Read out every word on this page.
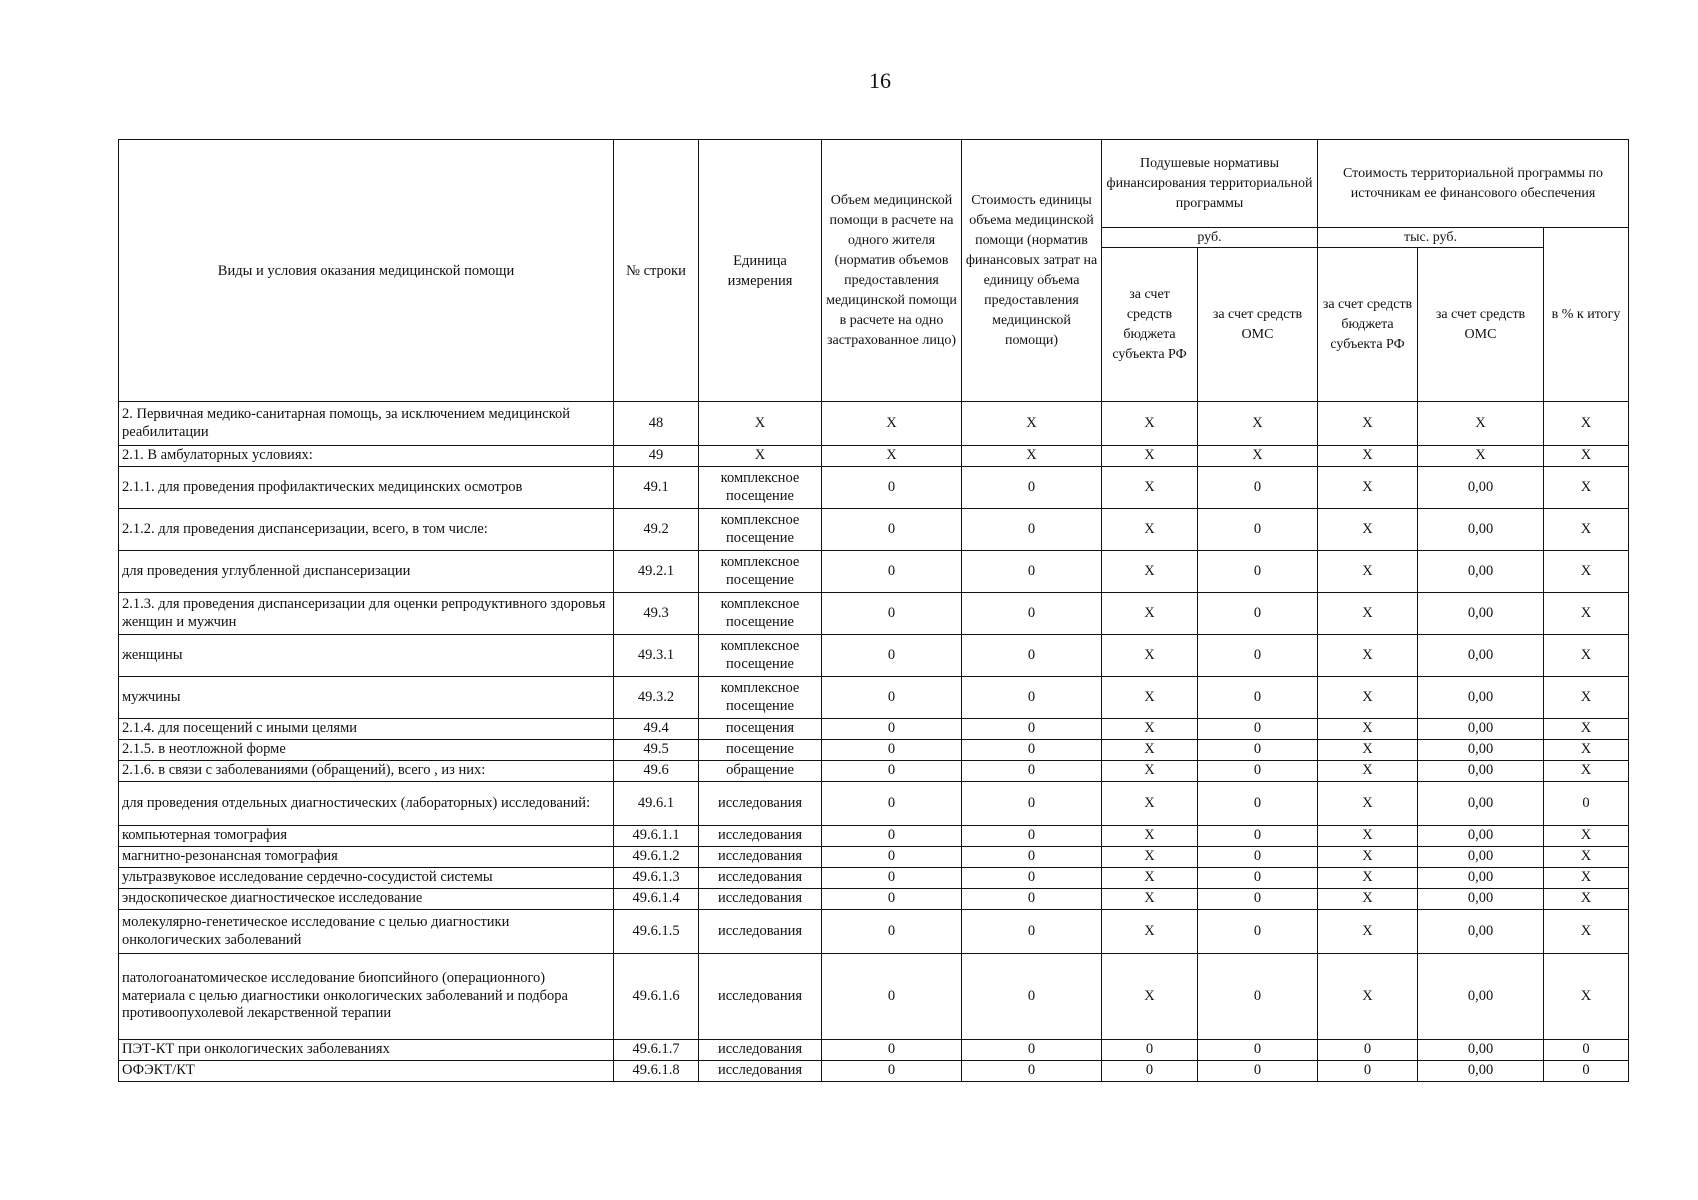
16
Виды и условия оказания медицинской помощи	№ строки	Единица измерения	Объем медицинской помощи в расчете на одного жителя (норматив объемов предоставления медицинской помощи в расчете на одно застрахованное лицо)	Стоимость единицы объема медицинской помощи (норматив финансовых затрат на единицу объема предоставления медицинской помощи)	Подушевые нормативы финансирования территориальной программы		Стоимость территориальной программы по источникам ее финансового обеспечения		
					руб.		тыс. руб.		в % к итогу
					за счет средств бюджета субъекта РФ	за счет средств ОМС	за счет средств бюджета субъекта РФ	за счет средств ОМС	
2. Первичная медико-санитарная помощь, за исключением медицинской реабилитации	48	X	X	X	X	X	X	X	X
2.1. В амбулаторных условиях:	49	X	X	X	X	X	X	X	X
2.1.1. для проведения профилактических медицинских осмотров	49.1	комплексное посещение	0	0	X	0	X	0,00	X
2.1.2. для проведения диспансеризации, всего, в том числе:	49.2	комплексное посещение	0	0	X	0	X	0,00	X
для проведения углубленной диспансеризации	49.2.1	комплексное посещение	0	0	X	0	X	0,00	X
2.1.3. для проведения диспансеризации для оценки репродуктивного здоровья женщин и мужчин	49.3	комплексное посещение	0	0	X	0	X	0,00	X
женщины	49.3.1	комплексное посещение	0	0	X	0	X	0,00	X
мужчины	49.3.2	комплексное посещение	0	0	X	0	X	0,00	X
2.1.4. для посещений с иными целями	49.4	посещения	0	0	X	0	X	0,00	X
2.1.5. в неотложной форме	49.5	посещение	0	0	X	0	X	0,00	X
2.1.6. в связи с заболеваниями (обращений), всего , из них:	49.6	обращение	0	0	X	0	X	0,00	X
для проведения отдельных диагностических (лабораторных) исследований:	49.6.1	исследования	0	0	X	0	X	0,00	0
компьютерная томография	49.6.1.1	исследования	0	0	X	0	X	0,00	X
магнитно-резонансная томография	49.6.1.2	исследования	0	0	X	0	X	0,00	X
ультразвуковое исследование сердечно-сосудистой системы	49.6.1.3	исследования	0	0	X	0	X	0,00	X
эндоскопическое диагностическое исследование	49.6.1.4	исследования	0	0	X	0	X	0,00	X
молекулярно-генетическое исследование с целью диагностики онкологических заболеваний	49.6.1.5	исследования	0	0	X	0	X	0,00	X
патологоанатомическое исследование биопсийного (операционного) материала с целью диагностики онкологических заболеваний и подбора противоопухолевой лекарственной терапии	49.6.1.6	исследования	0	0	X	0	X	0,00	X
ПЭТ-КТ при онкологических заболеваниях	49.6.1.7	исследования	0	0	0	0	0	0,00	0
ОФЭКТ/КТ	49.6.1.8	исследования	0	0	0	0	0	0,00	0
